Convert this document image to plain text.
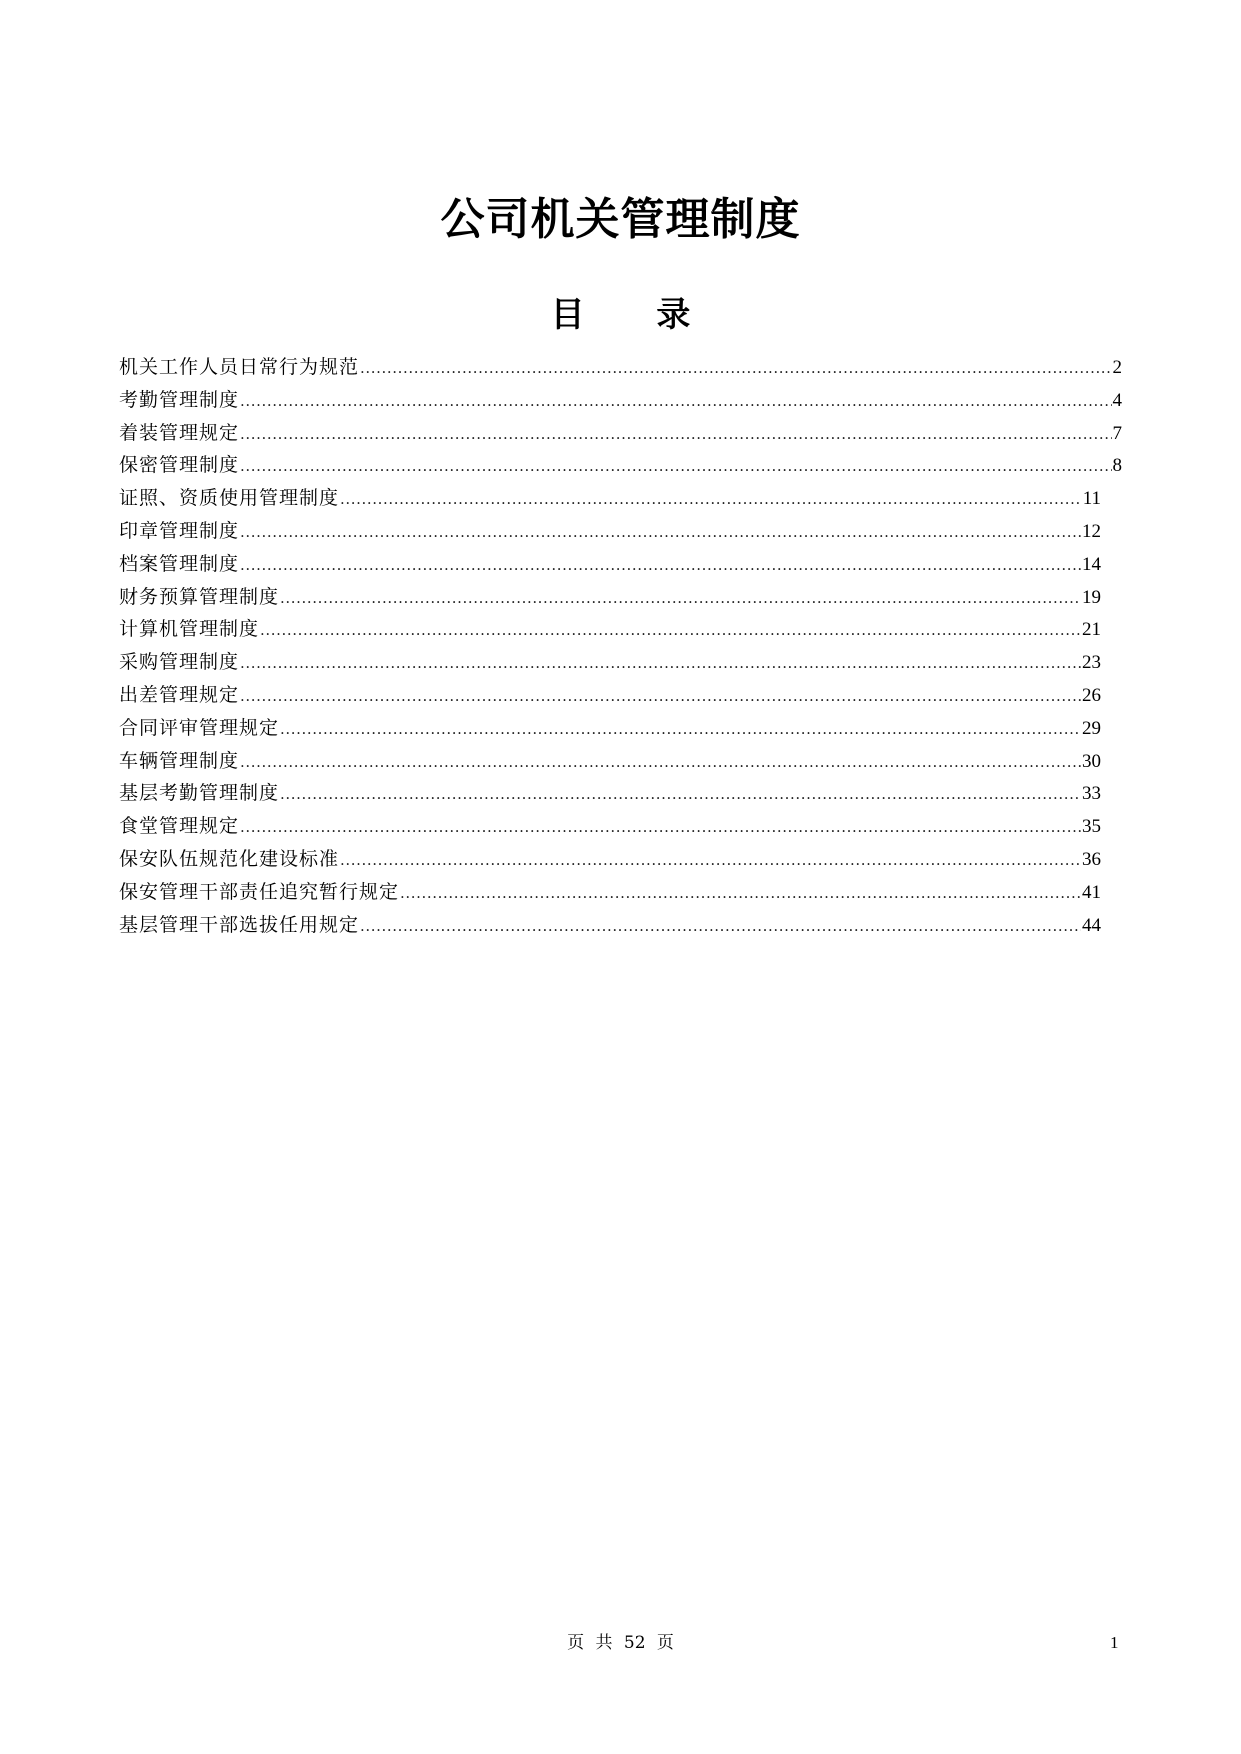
公司机关管理制度
目 录
机关工作人员日常行为规范 .....	2
考勤管理制度 .....	4
着装管理规定 .....	7
保密管理制度 .....	8
证照、资质使用管理制度 .....	11
印章管理制度 .....	12
档案管理制度 .....	14
财务预算管理制度 .....	19
计算机管理制度 .....	21
采购管理制度 .....	23
出差管理规定 .....	26
合同评审管理规定 .....	29
车辆管理制度 .....	30
基层考勤管理制度 .....	33
食堂管理规定 .....	35
保安队伍规范化建设标准 .....	36
保安管理干部责任追究暂行规定 .....	41
基层管理干部选拔任用规定 .....	44
页 共 52 页	1
